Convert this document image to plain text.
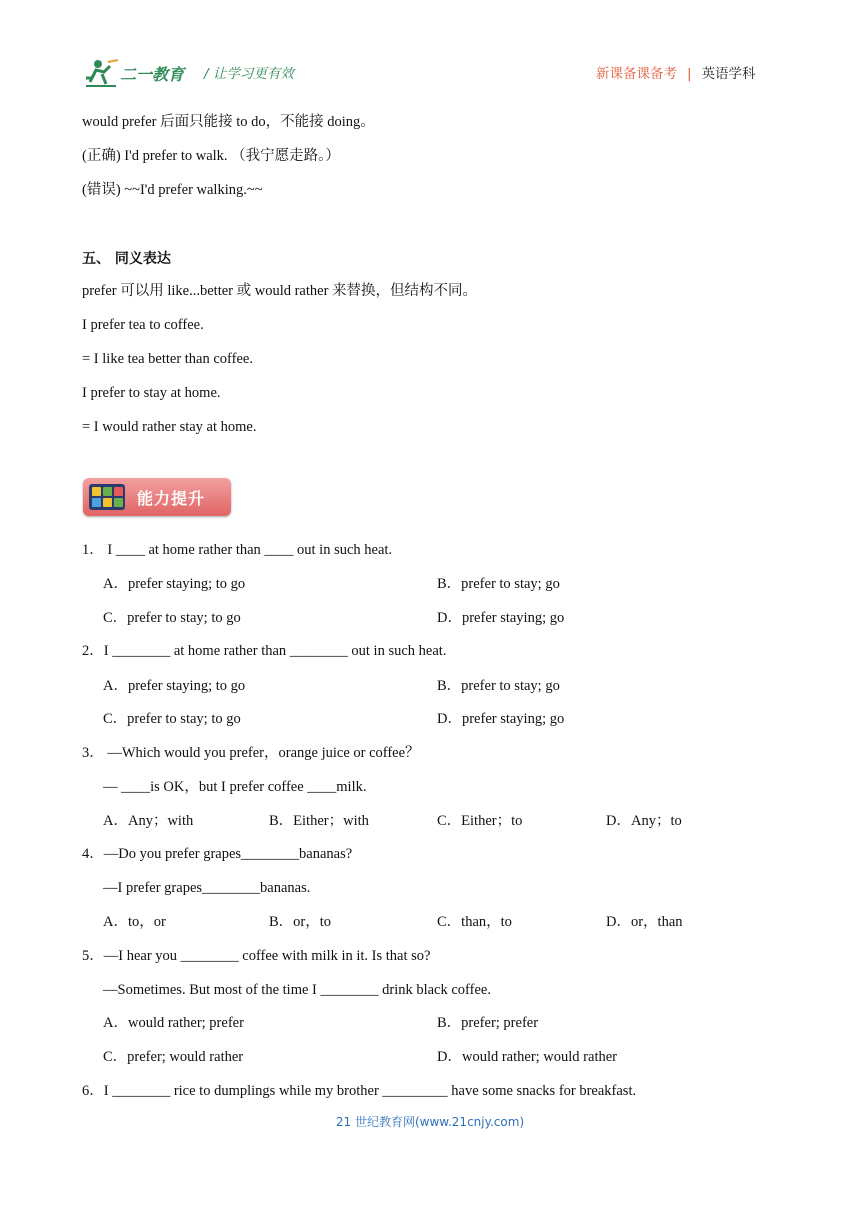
二一教育 / 让学习更有效	新课备课备考 | 英语学科
would prefer 后面只能接 to do，不能接 doing。
(正确) I'd prefer to walk. （我宁愿走路。）
(错误) ~~I'd prefer walking.~~
五、 同义表达
prefer 可以用 like...better 或 would rather 来替换，但结构不同。
I prefer tea to coffee.
= I like tea better than coffee.
I prefer to stay at home.
= I would rather stay at home.
能力提升
1． I ____ at home rather than ____ out in such heat.
A．prefer staying; to go	B．prefer to stay; go
C．prefer to stay; to go	D．prefer staying; go
2．I ________ at home rather than ________ out in such heat.
A．prefer staying; to go	B．prefer to stay; go
C．prefer to stay; to go	D．prefer staying; go
3． —Which would you prefer，orange juice or coffee？
— ____is OK，but I prefer coffee ____milk.
A．Any；with	B．Either；with	C．Either；to	D．Any；to
4．—Do you prefer grapes________bananas?
—I prefer grapes________bananas.
A．to，or	B．or，to	C．than，to	D．or，than
5．—I hear you ________ coffee with milk in it. Is that so?
—Sometimes. But most of the time I ________ drink black coffee.
A．would rather; prefer	B．prefer; prefer
C．prefer; would rather	D．would rather; would rather
6．I ________ rice to dumplings while my brother _________ have some snacks for breakfast.
21 世纪教育网(www.21cnjy.com)
